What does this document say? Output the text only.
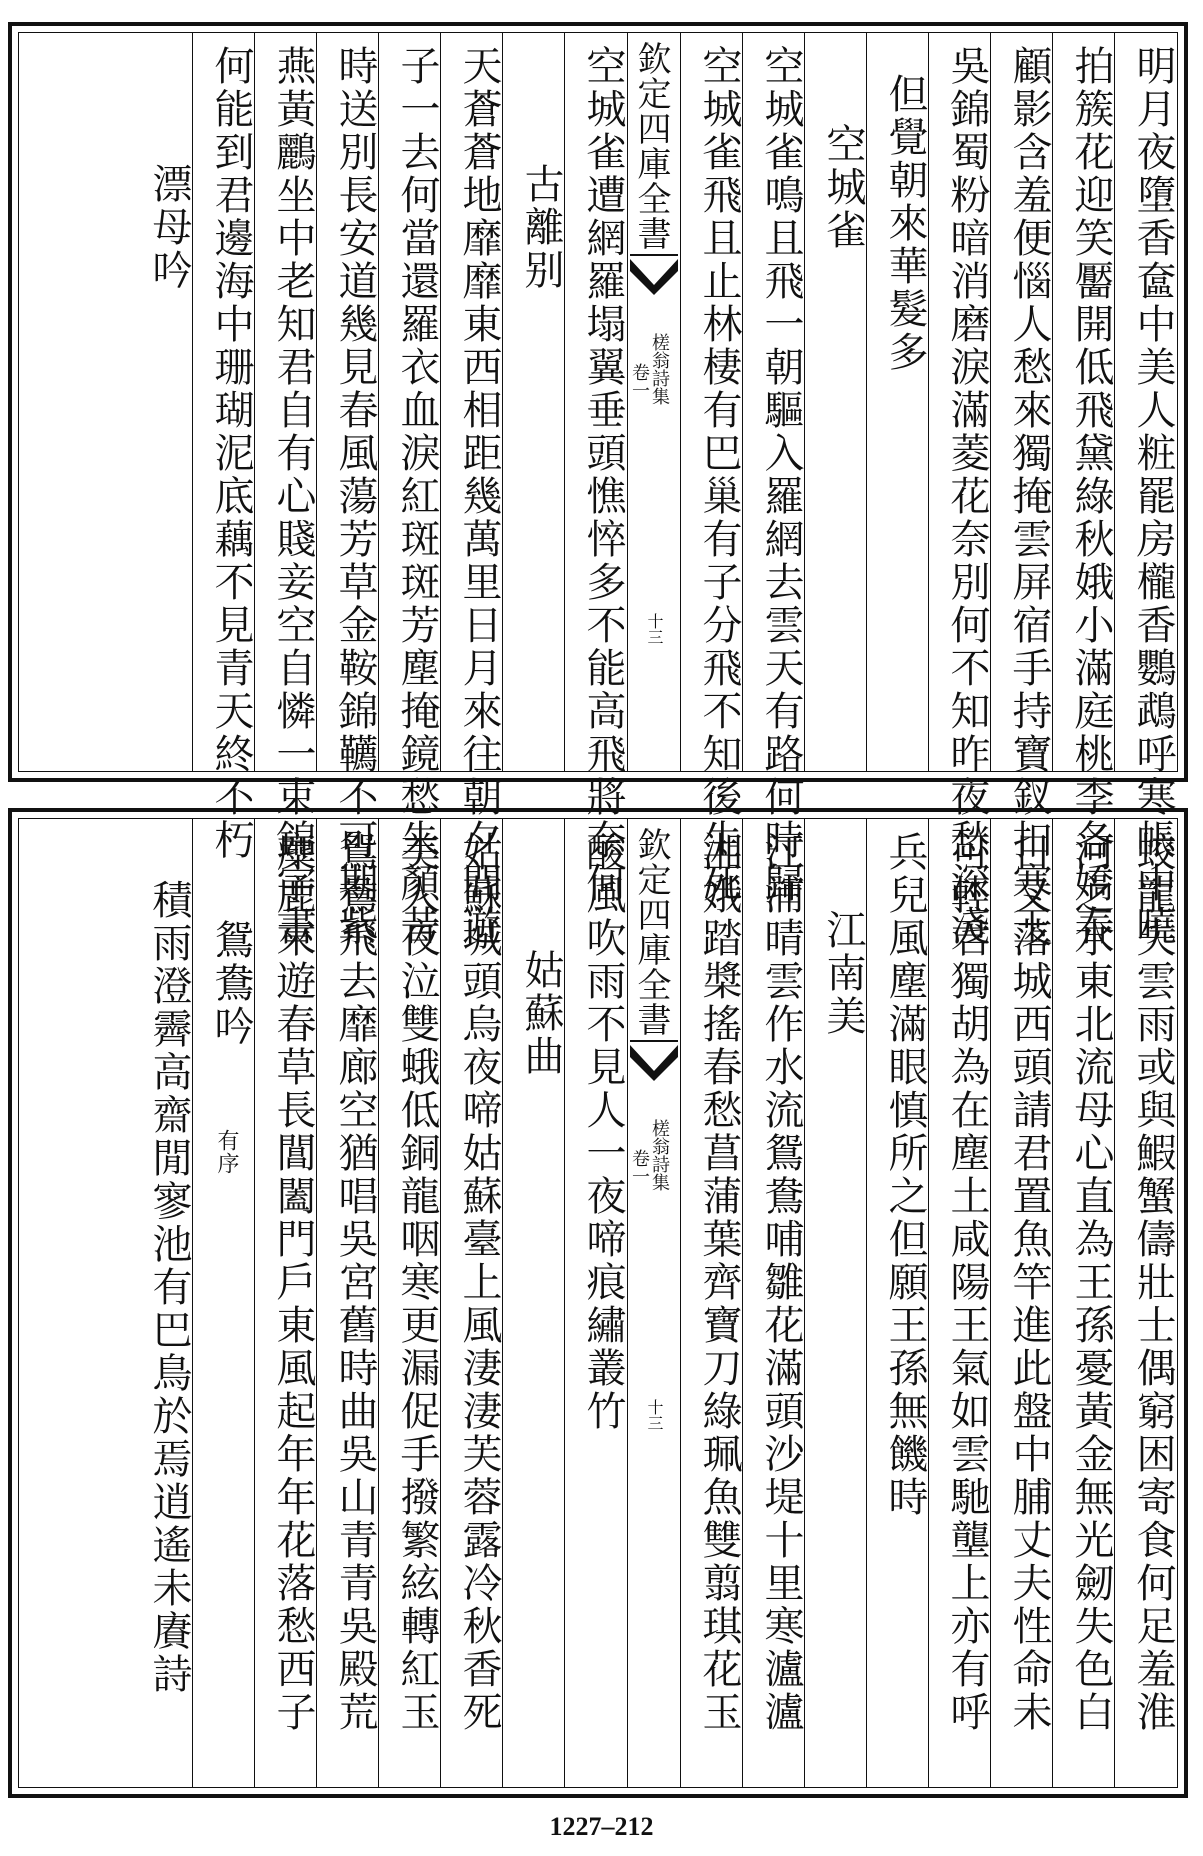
明月夜墮香奩中美人粧罷房櫳香鸚鵡呼寒帳中曉
拍簇花迎笑靨開低飛黛綠秋娥小滿庭桃李各嬌春
顧影含羞便惱人愁來獨掩雲屏宿手持寶釵扣寒玉
吳錦蜀粉暗消磨淚滿菱花奈別何不知昨夜愁深淺
但覺朝來華髮多
空城雀
空城雀鳴且飛一朝驅入羅網去雲天有路何時歸
空城雀飛且止林棲有巴巢有子分飛不知後生死
欽定四庫全書
槎翁詩集
卷一
十三
空城雀遭網羅塌翼垂頭憔悴多不能高飛將奈何
古離别
天蒼蒼地靡靡東西相距幾萬里日月來往朝夕間遊
子一去何當還羅衣血淚紅斑斑芳塵掩鏡愁朱顏昔
時送別長安道幾見春風蕩芳草金鞍錦韉不可期紫
燕黃鸝坐中老知君自有心賤妾空自憐一束錦字書
何能到君邊海中珊瑚泥底藕不見青天終不朽
漂母吟
蛟龍失雲雨或與鰕蟹儔壯士偶窮困寄食何足羞淮
河之水東北流母心直為王孫憂黃金無光劒失色白
日又落城西頭請君置魚竿進此盤中脯丈夫性命未
可輕君獨胡為在塵土咸陽王氣如雲馳壟上亦有呼
兵兒風塵滿眼慎所之但願王孫無饑時
江南美
江浦晴雲作水流鴛鴦哺雛花滿頭沙堤十里寒瀘瀘
湘娥踏槳搖春愁菖蒲葉齊寶刀綠珮魚雙翦琪花玉
欽定四庫全書
槎翁詩集
卷一
十三
酸風吹雨不見人一夜啼痕繡叢竹
姑蘇曲
姑蘇城頭烏夜啼姑蘇臺上風淒淒芙蓉露冷秋香死
美人夜泣雙蛾低銅龍咽寒更漏促手撥繁絃轉紅玉
鴛鴦飛去靡廊空猶唱吳宮舊時曲吳山青青吳殿荒
麋鹿來遊春草長閶闔門戶東風起年年花落愁西子
鴛鴦吟
有序
積雨澄霽高齋閒寥池有巴鳥於焉逍遙未賡詩
1227–212
